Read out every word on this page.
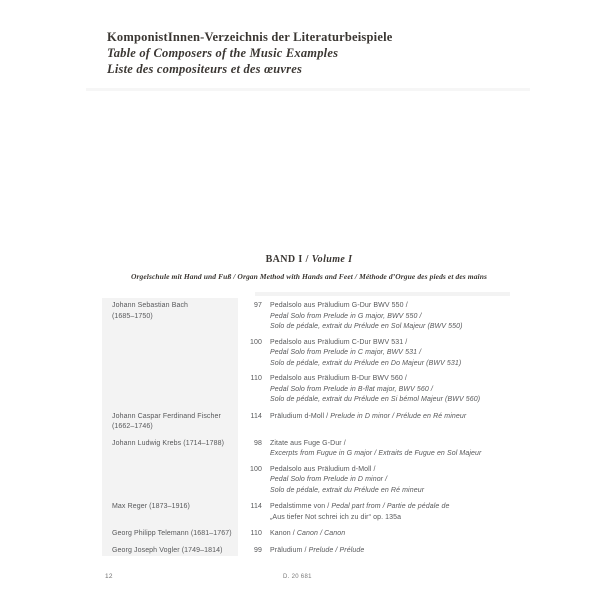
KomponistInnen-Verzeichnis der Literaturbeispiele
Table of Composers of the Music Examples
Liste des compositeurs et des œuvres
BAND I / Volume I
Orgelschule mit Hand und Fuß / Organ Method with Hands and Feet / Méthode d’Orgue des pieds et des mains
Johann Sebastian Bach
(1685–1750)
97 Pedalsolo aus Präludium G-Dur BWV 550 /
Pedal Solo from Prelude in G major, BWV 550 /
Solo de pédale, extrait du Prélude en Sol Majeur (BWV 550)
100 Pedalsolo aus Präludium C-Dur BWV 531 /
Pedal Solo from Prelude in C major, BWV 531 /
Solo de pédale, extrait du Prélude en Do Majeur (BWV 531)
110 Pedalsolo aus Präludium B-Dur BWV 560 /
Pedal Solo from Prelude in B-flat major, BWV 560 /
Solo de pédale, extrait du Prélude en Si bémol Majeur (BWV 560)
Johann Caspar Ferdinand Fischer
(1662–1746)
114 Präludium d-Moll / Prelude in D minor / Prélude en Ré mineur
Johann Ludwig Krebs (1714–1788)	98 Zitate aus Fuge G-Dur /
Excerpts from Fugue in G major / Extraits de Fugue en Sol Majeur
100 Pedalsolo aus Präludium d-Moll /
Pedal Solo from Prelude in D minor /
Solo de pédale, extrait du Prélude en Ré mineur
Max Reger (1873–1916)	114 Pedalstimme von / Pedal part from / Partie de pédale de
„Aus tiefer Not schrei ich zu dir“ op. 135a
Georg Philipp Telemann (1681–1767)	110 Kanon / Canon / Canon
Georg Joseph Vogler (1749–1814)	99 Präludium / Prelude / Prélude
12	D. 20 681
